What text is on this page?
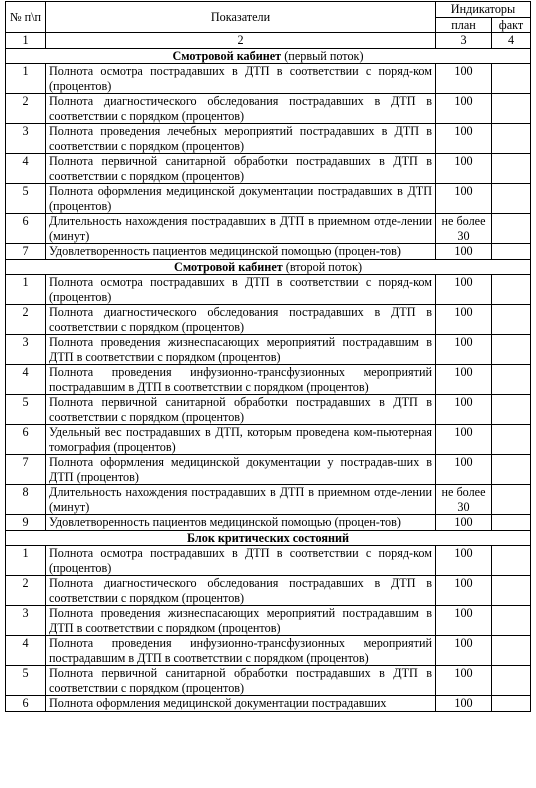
№ п\п	Показатели	Индикаторы	
		план	факт
1	2	3	4
Смотровой кабинет (первый поток)			
1	Полнота осмотра пострадавших в ДТП в соответствии с поряд-ком (процентов)	100	
2	Полнота диагностического обследования пострадавших в ДТП в соответствии с порядком (процентов)	100	
3	Полнота проведения лечебных мероприятий пострадавших в ДТП в соответствии с порядком (процентов)	100	
4	Полнота первичной санитарной обработки пострадавших в ДТП в соответствии с порядком (процентов)	100	
5	Полнота оформления медицинской документации пострадавших в ДТП (процентов)	100	
6	Длительность нахождения пострадавших в ДТП в приемном отде-лении (минут)	не более 30	
7	Удовлетворенность пациентов медицинской помощью (процен-тов)	100	
Смотровой кабинет (второй поток)			
1	Полнота осмотра пострадавших в ДТП в соответствии с поряд-ком (процентов)	100	
2	Полнота диагностического обследования пострадавших в ДТП в соответствии с порядком (процентов)	100	
3	Полнота проведения жизнеспасающих мероприятий пострадавшим в ДТП в соответствии с порядком (процентов)	100	
4	Полнота проведения инфузионно-трансфузионных мероприятий пострадавшим в ДТП в соответствии с порядком (процентов)	100	
5	Полнота первичной санитарной обработки пострадавших в ДТП в соответствии с порядком (процентов)	100	
6	Удельный вес пострадавших в ДТП, которым проведена ком-пьютерная томография (процентов)	100	
7	Полнота оформления медицинской документации у пострадав-ших в ДТП (процентов)	100	
8	Длительность нахождения пострадавших в ДТП в приемном отде-лении (минут)	не более 30	
9	Удовлетворенность пациентов медицинской помощью (процен-тов)	100	
Блок критических состояний			
1	Полнота осмотра пострадавших в ДТП в соответствии с поряд-ком (процентов)	100	
2	Полнота диагностического обследования пострадавших в ДТП в соответствии с порядком (процентов)	100	
3	Полнота проведения жизнеспасающих мероприятий пострадавшим в ДТП в соответствии с порядком (процентов)	100	
4	Полнота проведения инфузионно-трансфузионных мероприятий пострадавшим в ДТП в соответствии с порядком (процентов)	100	
5	Полнота первичной санитарной обработки пострадавших в ДТП в соответствии с порядком (процентов)	100	
6	Полнота оформления медицинской документации пострадавших	100	
